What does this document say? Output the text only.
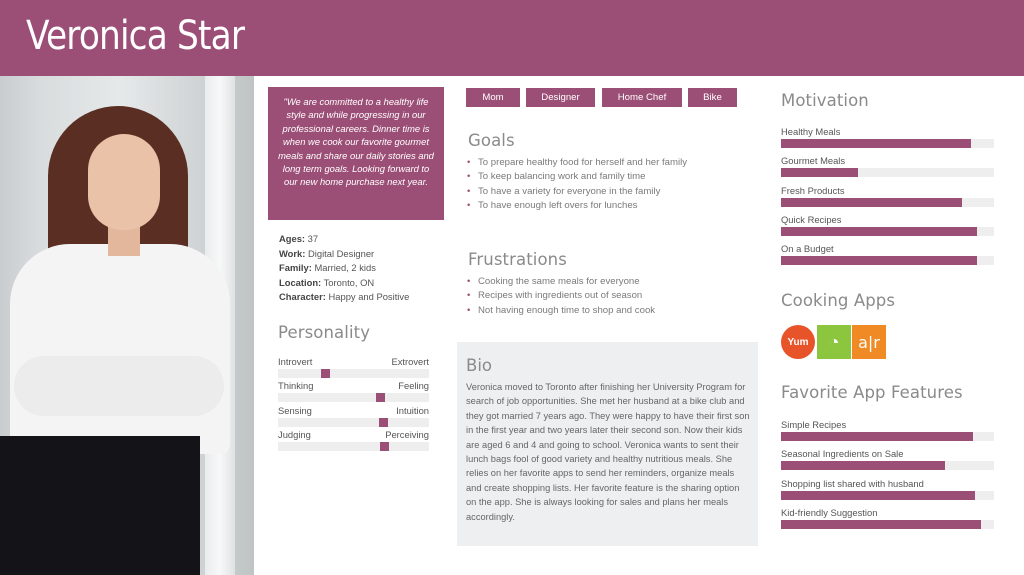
Veronica Star
"We are committed to a healthy life style and while progressing in our professional careers. Dinner time is when we cook our favorite gourmet meals and share our daily stories and long term goals. Looking forward to our new home purchase next year.
Ages: 37
Work: Digital Designer
Family: Married, 2 kids
Location: Toronto, ON
Character: Happy and Positive
Personality
Introvert	Extrovert
Thinking	Feeling
Sensing	Intuition
Judging	Perceiving
Mom	Designer	Home Chef	Bike
Goals
• To prepare healthy food for herself and her family
• To keep balancing work and family time
• To have a variety for everyone in the family
• To have enough left overs for lunches
Frustrations
• Cooking the same meals for everyone
• Recipes with ingredients out of season
• Not having enough time to shop and cook
Bio
Veronica moved to Toronto after finishing her University Program for search of job opportunities. She met her husband at a bike club and they got married 7 years ago. They were happy to have their first son in the first year and two years later their second son. Now their kids are aged 6 and 4 and going to school. Veronica wants to sent their lunch bags fool of good variety and healthy nutritious meals. She relies on her favorite apps to send her reminders, organize meals and create shopping lists. Her favorite feature is the sharing option on the app. She is always looking for sales and plans her meals accordingly.
Motivation
Healthy Meals
Gourmet Meals
Fresh Products
Quick Recipes
On a Budget
Cooking Apps
Yum	◔	a|r
Favorite App Features
Simple Recipes
Seasonal Ingredients on Sale
Shopping list shared with husband
Kid-friendly Suggestion
